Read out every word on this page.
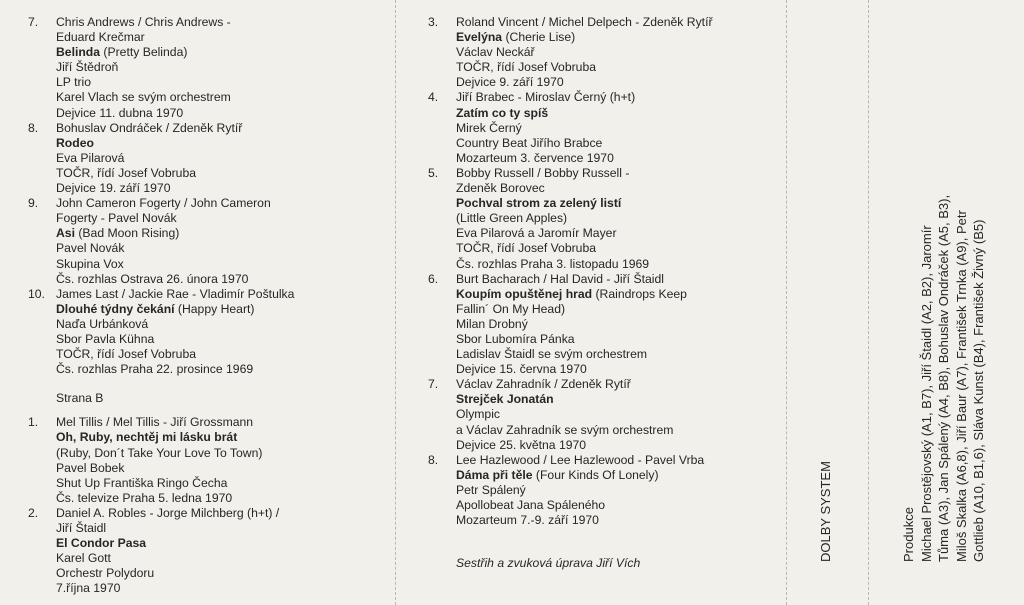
7. Chris Andrews / Chris Andrews -
Eduard Krečmar
Belinda (Pretty Belinda)
Jiří Štědroň
LP trio
Karel Vlach se svým orchestrem
Dejvice 11. dubna 1970
8. Bohuslav Ondráček / Zdeněk Rytíř
Rodeo
Eva Pilarová
TOČR, řídí Josef Vobruba
Dejvice 19. září 1970
9. John Cameron Fogerty / John Cameron
Fogerty - Pavel Novák
Asi (Bad Moon Rising)
Pavel Novák
Skupina Vox
Čs. rozhlas Ostrava 26. února 1970
10. James Last / Jackie Rae - Vladimír Poštulka
Dlouhé týdny čekání (Happy Heart)
Naďa Urbánková
Sbor Pavla Kühna
TOČR, řídí Josef Vobruba
Čs. rozhlas Praha 22. prosince 1969
Strana B
1. Mel Tillis / Mel Tillis - Jiří Grossmann
Oh, Ruby, nechtěj mi lásku brát
(Ruby, Don´t Take Your Love To Town)
Pavel Bobek
Shut Up Františka Ringo Čecha
Čs. televize Praha 5. ledna 1970
2. Daniel A. Robles - Jorge Milchberg (h+t) /
Jiří Štaidl
El Condor Pasa
Karel Gott
Orchestr Polydoru
7.října 1970
3. Roland Vincent / Michel Delpech - Zdeněk Rytíř
Evelýna (Cherie Lise)
Václav Neckář
TOČR, řídí Josef Vobruba
Dejvice 9. září 1970
4. Jiří Brabec - Miroslav Černý (h+t)
Zatím co ty spíš
Mirek Černý
Country Beat Jiřího Brabce
Mozarteum 3. července 1970
5. Bobby Russell / Bobby Russell -
Zdeněk Borovec
Pochval strom za zelený listí
(Little Green Apples)
Eva Pilarová a Jaromír Mayer
TOČR, řídí Josef Vobruba
Čs. rozhlas Praha 3. listopadu 1969
6. Burt Bacharach / Hal David - Jiří Štaidl
Koupím opuštěnej hrad (Raindrops Keep
Fallin´ On My Head)
Milan Drobný
Sbor Lubomíra Pánka
Ladislav Štaidl se svým orchestrem
Dejvice 15. června 1970
7. Václav Zahradník / Zdeněk Rytíř
Strejček Jonatán
Olympic
a Václav Zahradník se svým orchestrem
Dejvice 25. května 1970
8. Lee Hazlewood / Lee Hazlewood - Pavel Vrba
Dáma při těle (Four Kinds Of Lonely)
Petr Spálený
Apollobeat Jana Spáleného
Mozarteum 7.-9. září 1970
Sestřih a zvuková úprava Jiří Vích
DOLBY SYSTEM	Produkce Michael Prostějovský (A1, B7), Jiří Štaidl (A2, B2), Jaromír Tůma (A3), Jan Spálený (A4, B8), Bohuslav Ondráček (A5, B3), Miloš Skalka (A6,8), Jiří Baur (A7), František Trnka (A9), Petr Gottlieb (A10, B1,6), Sláva Kunst (B4), František Živný (B5)
